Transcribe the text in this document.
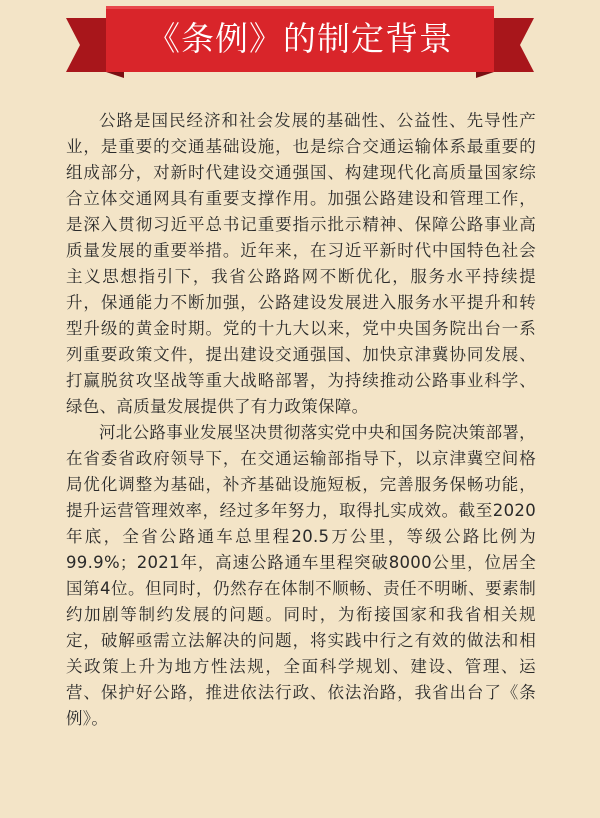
《条例》的制定背景

公路是国民经济和社会发展的基础性、公益性、先导性产业，是重要的交通基础设施，也是综合交通运输体系最重要的组成部分，对新时代建设交通强国、构建现代化高质量国家综合立体交通网具有重要支撑作用。加强公路建设和管理工作，是深入贯彻习近平总书记重要指示批示精神、保障公路事业高质量发展的重要举措。近年来，在习近平新时代中国特色社会主义思想指引下，我省公路路网不断优化，服务水平持续提升，保通能力不断加强，公路建设发展进入服务水平提升和转型升级的黄金时期。党的十九大以来，党中央国务院出台一系列重要政策文件，提出建设交通强国、加快京津冀协同发展、打赢脱贫攻坚战等重大战略部署，为持续推动公路事业科学、绿色、高质量发展提供了有力政策保障。

河北公路事业发展坚决贯彻落实党中央和国务院决策部署，在省委省政府领导下，在交通运输部指导下，以京津冀空间格局优化调整为基础，补齐基础设施短板，完善服务保畅功能，提升运营管理效率，经过多年努力，取得扎实成效。截至2020年底，全省公路通车总里程20.5万公里，等级公路比例为99.9%；2021年，高速公路通车里程突破8000公里，位居全国第4位。但同时，仍然存在体制不顺畅、责任不明晰、要素制约加剧等制约发展的问题。同时，为衔接国家和我省相关规定，破解亟需立法解决的问题，将实践中行之有效的做法和相关政策上升为地方性法规，全面科学规划、建设、管理、运营、保护好公路，推进依法行政、依法治路，我省出台了《条例》。
